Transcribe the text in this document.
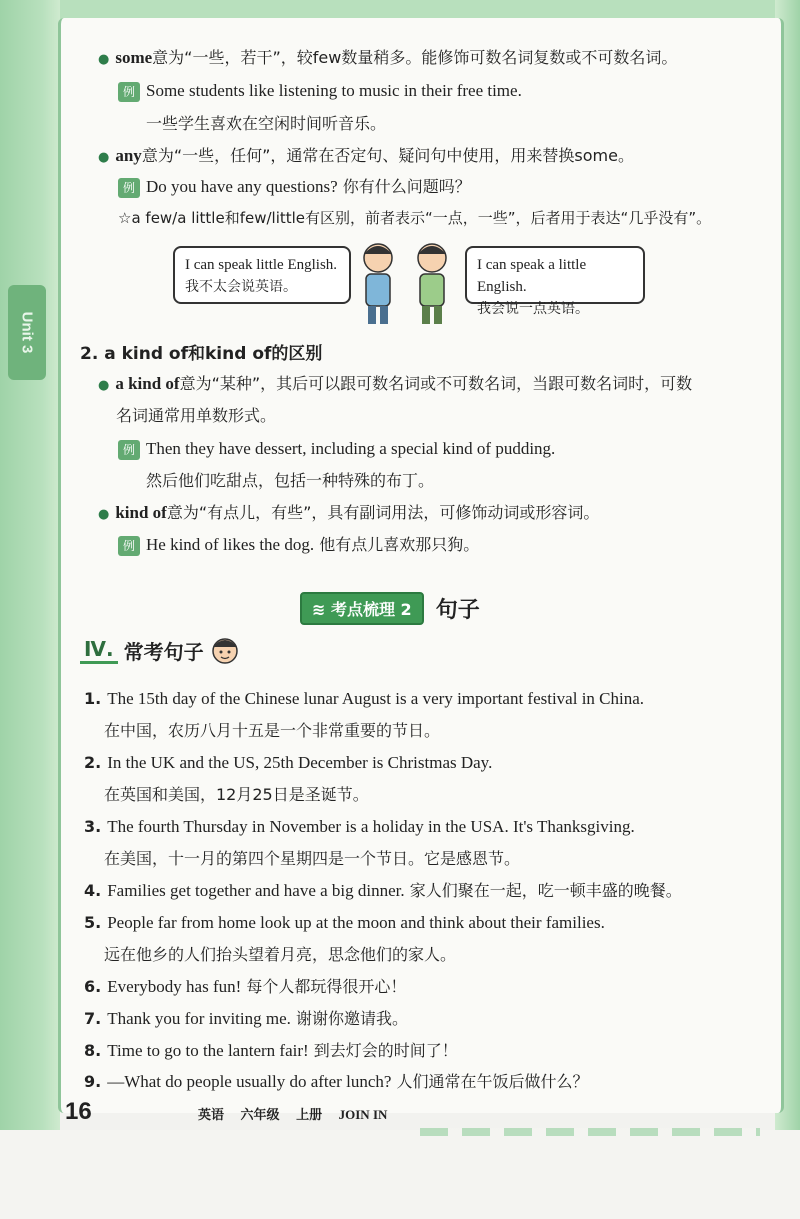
Unit 3
● some意为“一些，若干”，较few数量稍多。能修饰可数名词复数或不可数名词。
例 Some students like listening to music in their free time.
一些学生喜欢在空闲时间听音乐。
● any意为“一些，任何”，通常在否定句、疑问句中使用，用来替换some。
例 Do you have any questions? 你有什么问题吗？
☆a few/a little和few/little有区别，前者表示“一点，一些”，后者用于表达“几乎没有”。
I can speak little English.
我不太会说英语。
I can speak a little English.
我会说一点英语。
2. a kind of和kind of的区别
● a kind of意为“某种”，其后可以跟可数名词或不可数名词，当跟可数名词时，可数
名词通常用单数形式。
例 Then they have dessert, including a special kind of pudding.
然后他们吃甜点，包括一种特殊的布丁。
● kind of意为“有点儿，有些”，具有副词用法，可修饰动词或形容词。
例 He kind of likes the dog. 他有点儿喜欢那只狗。
≋ 考点梳理 2	句子
Ⅳ. 常考句子
1. The 15th day of the Chinese lunar August is a very important festival in China.
在中国，农历八月十五是一个非常重要的节日。
2. In the UK and the US, 25th December is Christmas Day.
在英国和美国，12月25日是圣诞节。
3. The fourth Thursday in November is a holiday in the USA. It's Thanksgiving.
在美国，十一月的第四个星期四是一个节日。它是感恩节。
4. Families get together and have a big dinner. 家人们聚在一起，吃一顿丰盛的晚餐。
5. People far from home look up at the moon and think about their families.
远在他乡的人们抬头望着月亮，思念他们的家人。
6. Everybody has fun! 每个人都玩得很开心！
7. Thank you for inviting me. 谢谢你邀请我。
8. Time to go to the lantern fair! 到去灯会的时间了！
9. —What do people usually do after lunch? 人们通常在午饭后做什么？
16	英语 六年级 上册 JOIN IN
